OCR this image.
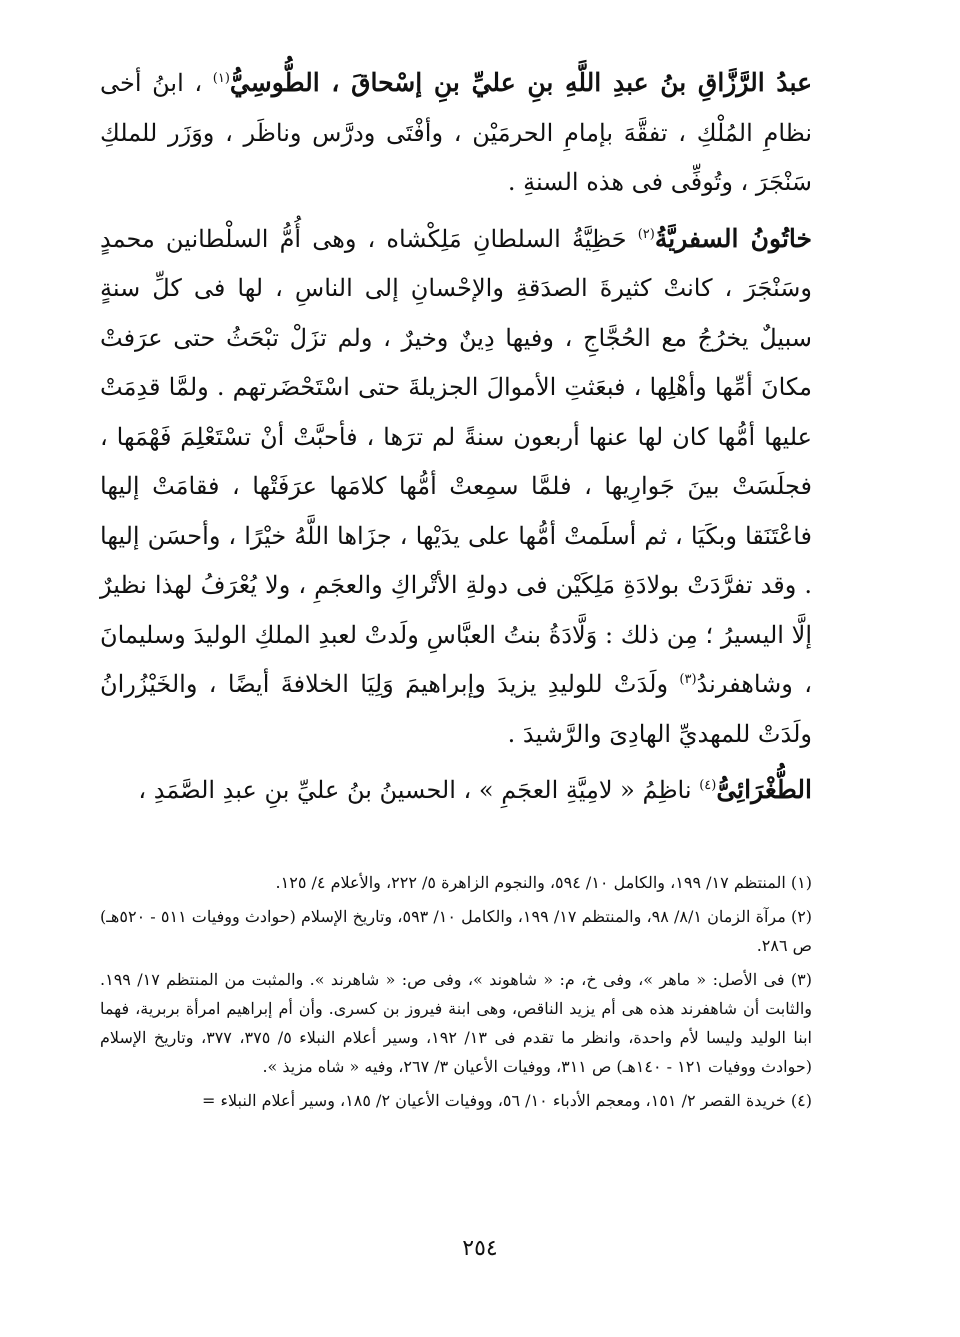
عبدُ الرَّزَّاقِ بنُ عبدِ اللَّهِ بنِ عليِّ بنِ إسْحاقَ ، الطُّوسِيُّ$^{(١)}$ ، ابنُ أخى نظامِ المُلْكِ ، تفقَّهَ بإمامِ الحرمَيْن ، وأفْتَى ودرَّس وناظَر ، ووَزَر للملكِ سَنْجَرَ ، وتُوفِّى فى هذه السنةِ .

خاتُونُ السفريَّةُ$^{(٢)}$ حَظِيَّةُ السلطانِ مَلِكْشاه ، وهى أُمُّ السلْطانين محمدٍ وسَنْجَرَ ، كانتْ كثيرةَ الصدَقةِ والإحْسانِ إلى الناسِ ، لها فى كلِّ سنةٍ سبيلٌ يخرُجُ مع الحُجَّاجِ ، وفيها دِينٌ وخيرٌ ، ولم تزَلْ تبْحَثُ حتى عرَفتْ مكانَ أمِّها وأهْلِها ، فبعَثتِ الأموالَ الجزيلةَ حتى اسْتَحْضَرتهم . ولمَّا قدِمَتْ عليها أمُّها كان لها عنها أربعون سنةً لم ترَها ، فأحبَّتْ أنْ تسْتَعْلِمَ فَهْمَها ، فجلَسَتْ بينَ جَوارِيها ، فلمَّا سمِعتْ أمُّها كلامَها عرَفَتْها ، فقامَتْ إليها فاعْتَنَقا وبكَيَا ، ثم أسلَمتْ أمُّها على يدَيْها ، جزَاها اللَّهُ خيْرًا ، وأحسَن إليها . وقد تفرَّدَتْ بولادَةِ مَلِكَيْن فى دولةِ الأتْراكِ والعجَمِ ، ولا يُعْرَفُ لهذا نظيرٌ إلَّا اليسيرُ ؛ مِن ذلك : وَلَّادَةُ بنتُ العبَّاسِ ولَدتْ لعبدِ الملكِ الوليدَ وسليمانَ ، وشاهفرندُ$^{(٣)}$ ولَدَتْ للوليدِ يزيدَ وإبراهيمَ وَلِيَا الخلافةَ أيضًا ، والخَيْزُرانُ ولَدَتْ للمهديِّ الهادِىَ والرَّشيدَ .

الطُّغْرَائِىُّ$^{(٤)}$ ناظِمُ « لامِيَّةِ العجَمِ » ، الحسينُ بنُ عليِّ بنِ عبدِ الصَّمَدِ ،

(١) المنتظم ١٧/ ١٩٩، والكامل ١٠/ ٥٩٤، والنجوم الزاهرة ٥/ ٢٢٢، والأعلام ٤/ ١٢٥.

(٢) مرآة الزمان ٨/١/ ٩٨، والمنتظم ١٧/ ١٩٩، والكامل ١٠/ ٥٩٣، وتاريخ الإسلام (حوادث ووفيات ٥١١ - ٥٢٠هـ) ص ٢٨٦.

(٣) فى الأصل: « ماهر »، وفى خ، م: « شاهوند »، وفى ص: « شاهرند ». والمثبت من المنتظم ١٧/ ١٩٩. والثابت أن شاهفرند هذه هى أم يزيد الناقص، وهى ابنة فيروز بن كسرى. وأن أم إبراهيم امرأة بربرية، فهما ابنا الوليد وليسا لأم واحدة، وانظر ما تقدم فى ١٣/ ١٩٢، وسير أعلام النبلاء ٥/ ٣٧٥، ٣٧٧، وتاريخ الإسلام (حوادث ووفيات ١٢١ - ١٤٠هـ) ص ٣١١، ووفيات الأعيان ٣/ ٢٦٧، وفيه « شاه مزيذ ».

(٤) خريدة القصر ٢/ ١٥١، ومعجم الأدباء ١٠/ ٥٦، ووفيات الأعيان ٢/ ١٨٥، وسير أعلام النبلاء =

٢٥٤
